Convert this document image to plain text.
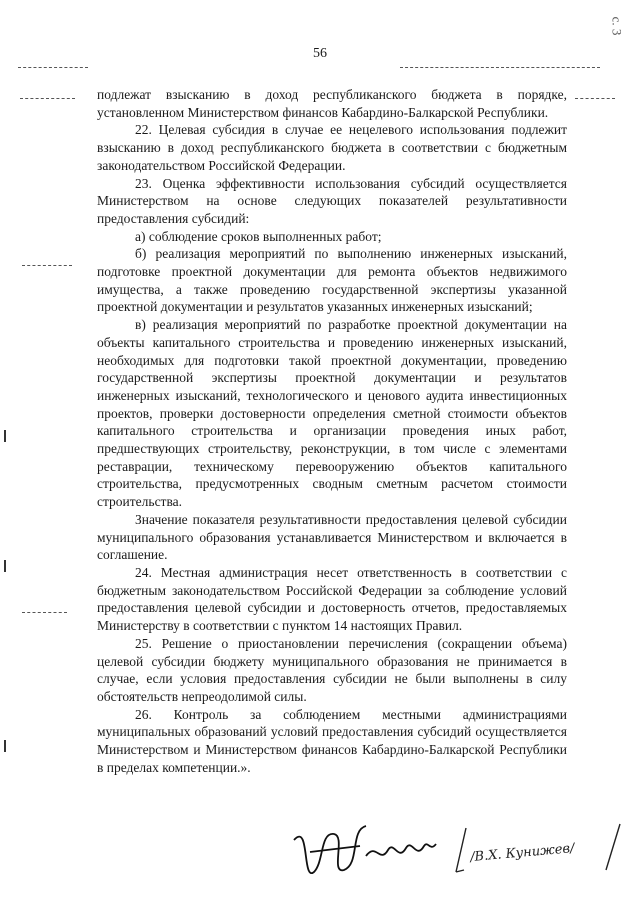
56
с. 3

подлежат взысканию в доход республиканского бюджета в порядке, установленном Министерством финансов Кабардино-Балкарской Республики.

22. Целевая субсидия в случае ее нецелевого использования подлежит взысканию в доход республиканского бюджета в соответствии с бюджетным законодательством Российской Федерации.

23. Оценка эффективности использования субсидий осуществляется Министерством на основе следующих показателей результативности предоставления субсидий:

а) соблюдение сроков выполненных работ;

б) реализация мероприятий по выполнению инженерных изысканий, подготовке проектной документации для ремонта объектов недвижимого имущества, а также проведению государственной экспертизы указанной проектной документации и результатов указанных инженерных изысканий;

в) реализация мероприятий по разработке проектной документации на объекты капитального строительства и проведению инженерных изысканий, необходимых для подготовки такой проектной документации, проведению государственной экспертизы проектной документации и результатов инженерных изысканий, технологического и ценового аудита инвестиционных проектов, проверки достоверности определения сметной стоимости объектов капитального строительства и организации проведения иных работ, предшествующих строительству, реконструкции, в том числе с элементами реставрации, техническому перевооружению объектов капитального строительства, предусмотренных сводным сметным расчетом стоимости строительства.

Значение показателя результативности предоставления целевой субсидии муниципального образования устанавливается Министерством и включается в соглашение.

24. Местная администрация несет ответственность в соответствии с бюджетным законодательством Российской Федерации за соблюдение условий предоставления целевой субсидии и достоверность отчетов, предоставляемых Министерству в соответствии с пунктом 14 настоящих Правил.

25. Решение о приостановлении перечисления (сокращении объема) целевой субсидии бюджету муниципального образования не принимается в случае, если условия предоставления субсидии не были выполнены в силу обстоятельств непреодолимой силы.

26. Контроль за соблюдением местными администрациями муниципальных образований условий предоставления субсидий осуществляется Министерством и Министерством финансов Кабардино-Балкарской Республики в пределах компетенции.».

/В.Х. Кунижев/
